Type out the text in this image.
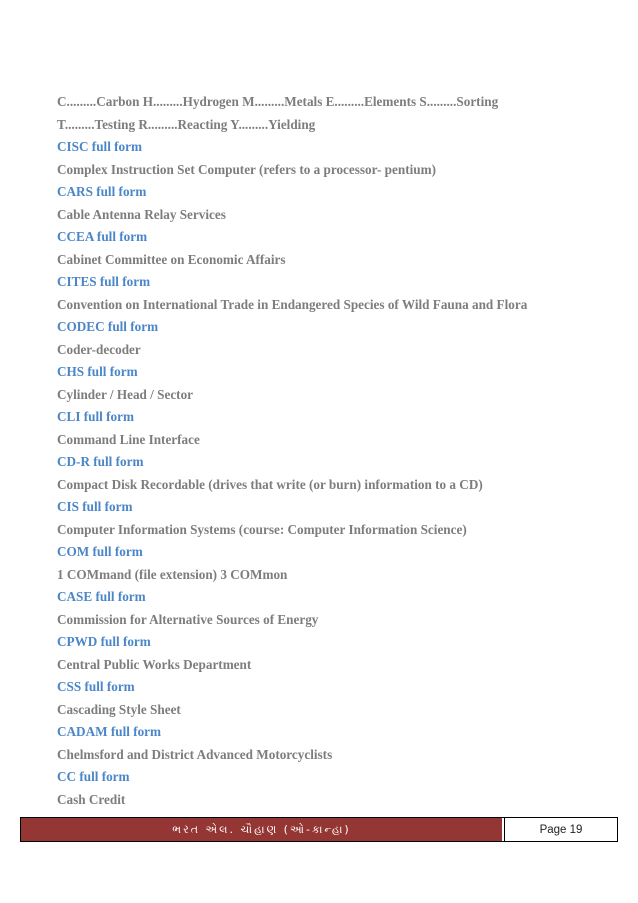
C.........Carbon H.........Hydrogen M.........Metals E.........Elements S.........Sorting
T.........Testing R.........Reacting Y.........Yielding
CISC full form
Complex Instruction Set Computer (refers to a processor- pentium)
CARS full form
Cable Antenna Relay Services
CCEA full form
Cabinet Committee on Economic Affairs
CITES full form
Convention on International Trade in Endangered Species of Wild Fauna and Flora
CODEC full form
Coder-decoder
CHS full form
Cylinder / Head / Sector
CLI full form
Command Line Interface
CD-R full form
Compact Disk Recordable (drives that write (or burn) information to a CD)
CIS full form
Computer Information Systems (course: Computer Information Science)
COM full form
1 COMmand (file extension) 3 COMmon
CASE full form
Commission for Alternative Sources of Energy
CPWD full form
Central Public Works Department
CSS full form
Cascading Style Sheet
CADAM full form
Chelmsford and District Advanced Motorcyclists
CC full form
Cash Credit
ભરત એલ. ચૌહાણ (ઓ-કાન્હા)	Page 19
